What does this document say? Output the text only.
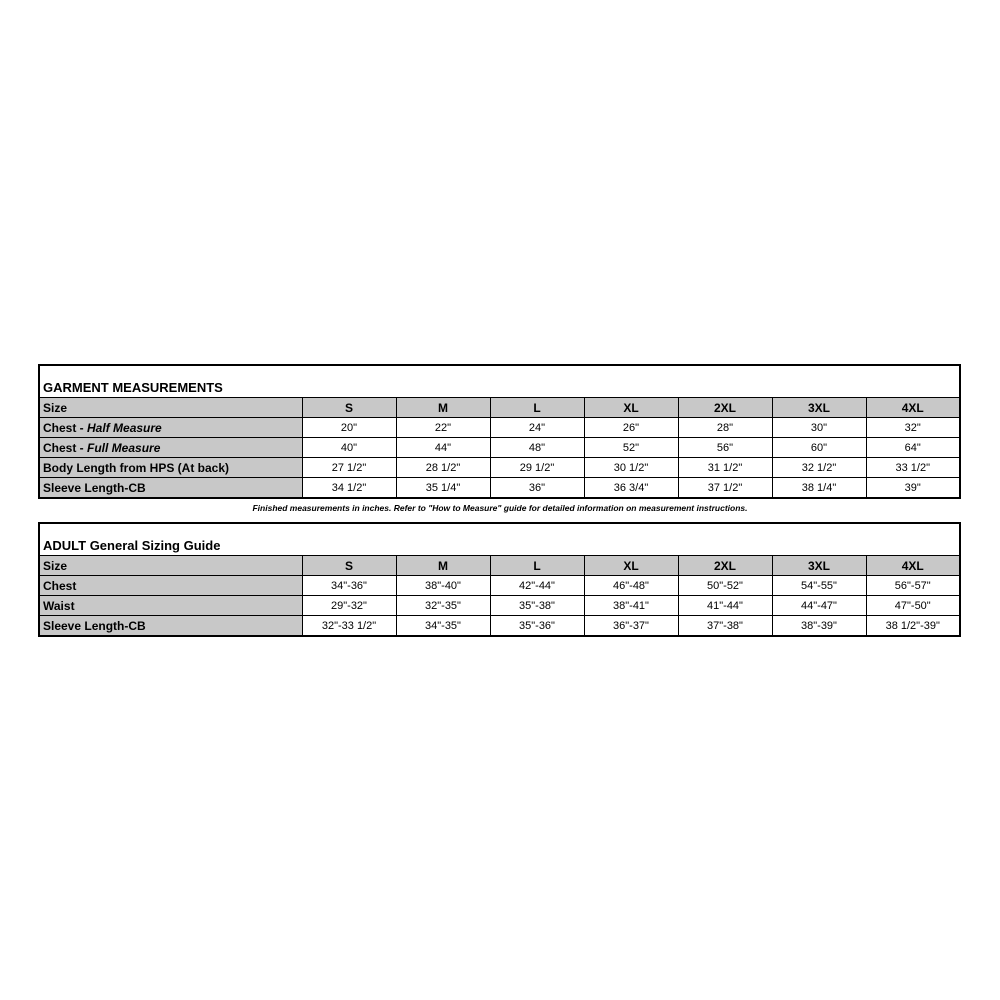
GARMENT MEASUREMENTS							
Size	S	M	L	XL	2XL	3XL	4XL
Chest - Half Measure	20"	22"	24"	26"	28"	30"	32"
Chest - Full Measure	40"	44"	48"	52"	56"	60"	64"
Body Length from HPS (At back)	27 1/2"	28 1/2"	29 1/2"	30 1/2"	31 1/2"	32 1/2"	33 1/2"
Sleeve Length-CB	34 1/2"	35 1/4"	36"	36 3/4"	37 1/2"	38 1/4"	39"
Finished measurements in inches. Refer to "How to Measure" guide for detailed information on measurement instructions.
ADULT General Sizing Guide							
Size	S	M	L	XL	2XL	3XL	4XL
Chest	34"-36"	38"-40"	42"-44"	46"-48"	50"-52"	54"-55"	56"-57"
Waist	29"-32"	32"-35"	35"-38"	38"-41"	41"-44"	44"-47"	47"-50"
Sleeve Length-CB	32"-33 1/2"	34"-35"	35"-36"	36"-37"	37"-38"	38"-39"	38 1/2"-39"
